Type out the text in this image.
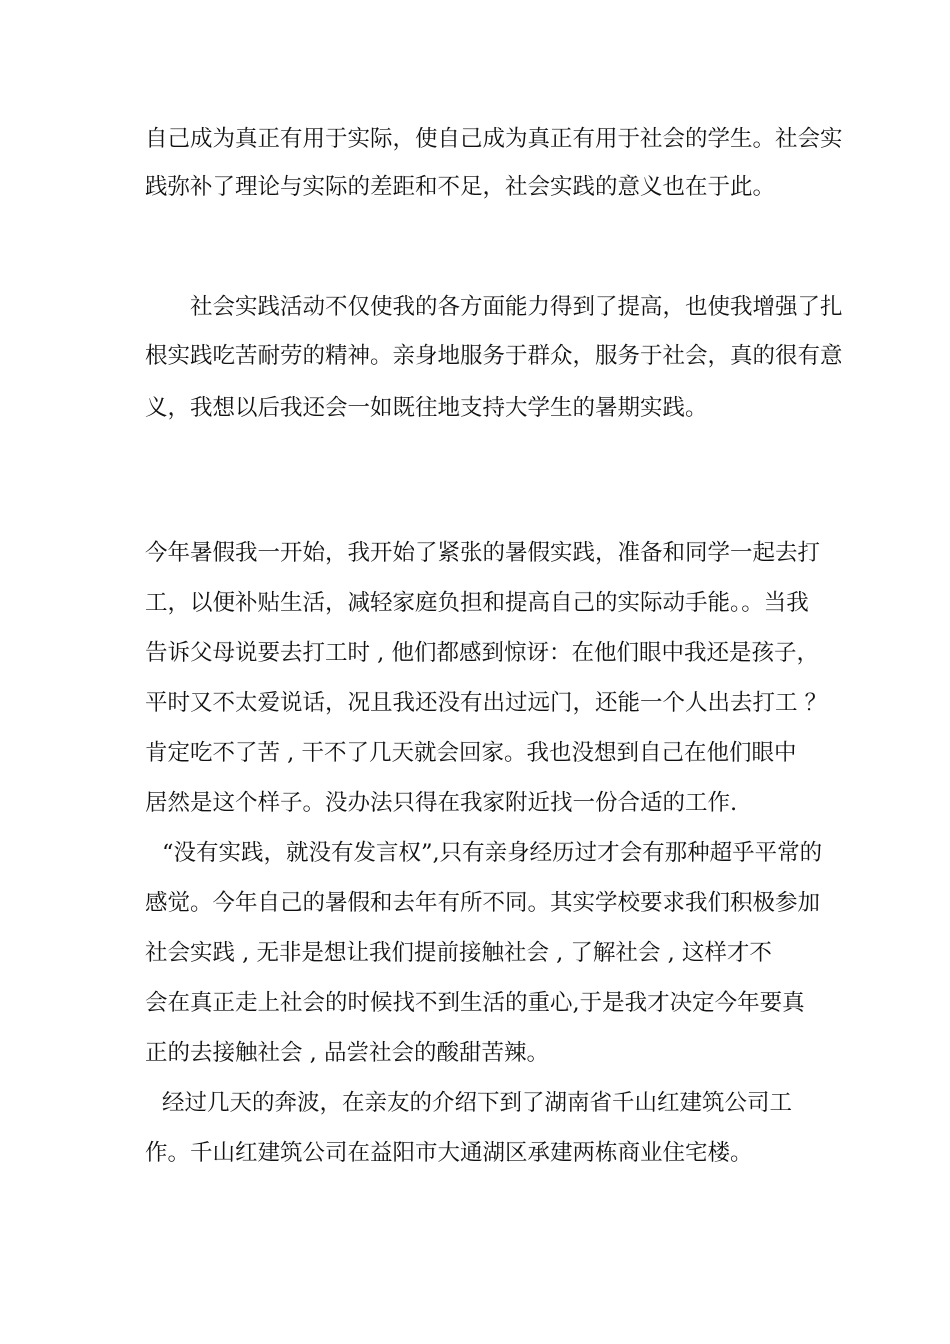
自己成为真正有用于实际，使自己成为真正有用于社会的学生。社会实
践弥补了理论与实际的差距和不足，社会实践的意义也在于此。
社会实践活动不仅使我的各方面能力得到了提高，也使我增强了扎
根实践吃苦耐劳的精神。亲身地服务于群众，服务于社会，真的很有意
义，我想以后我还会一如既往地支持大学生的暑期实践。
今年暑假我一开始，我开始了紧张的暑假实践，准备和同学一起去打
工，以便补贴生活，减轻家庭负担和提高自己的实际动手能。。当我
告诉父母说要去打工时 , 他们都感到惊讶：在他们眼中我还是孩子，
平时又不太爱说话，况且我还没有出过远门，还能一个人出去打工 ？
肯定吃不了苦 , 干不了几天就会回家。我也没想到自己在他们眼中
居然是这个样子。没办法只得在我家附近找一份合适的工作.
“没有实践，就没有发言权”,只有亲身经历过才会有那种超乎平常的
感觉。今年自己的暑假和去年有所不同。其实学校要求我们积极参加
社会实践 , 无非是想让我们提前接触社会 , 了解社会 , 这样才不
会在真正走上社会的时候找不到生活的重心,于是我才决定今年要真
正的去接触社会 , 品尝社会的酸甜苦辣。
经过几天的奔波，在亲友的介绍下到了湖南省千山红建筑公司工
作。千山红建筑公司在益阳市大通湖区承建两栋商业住宅楼。
